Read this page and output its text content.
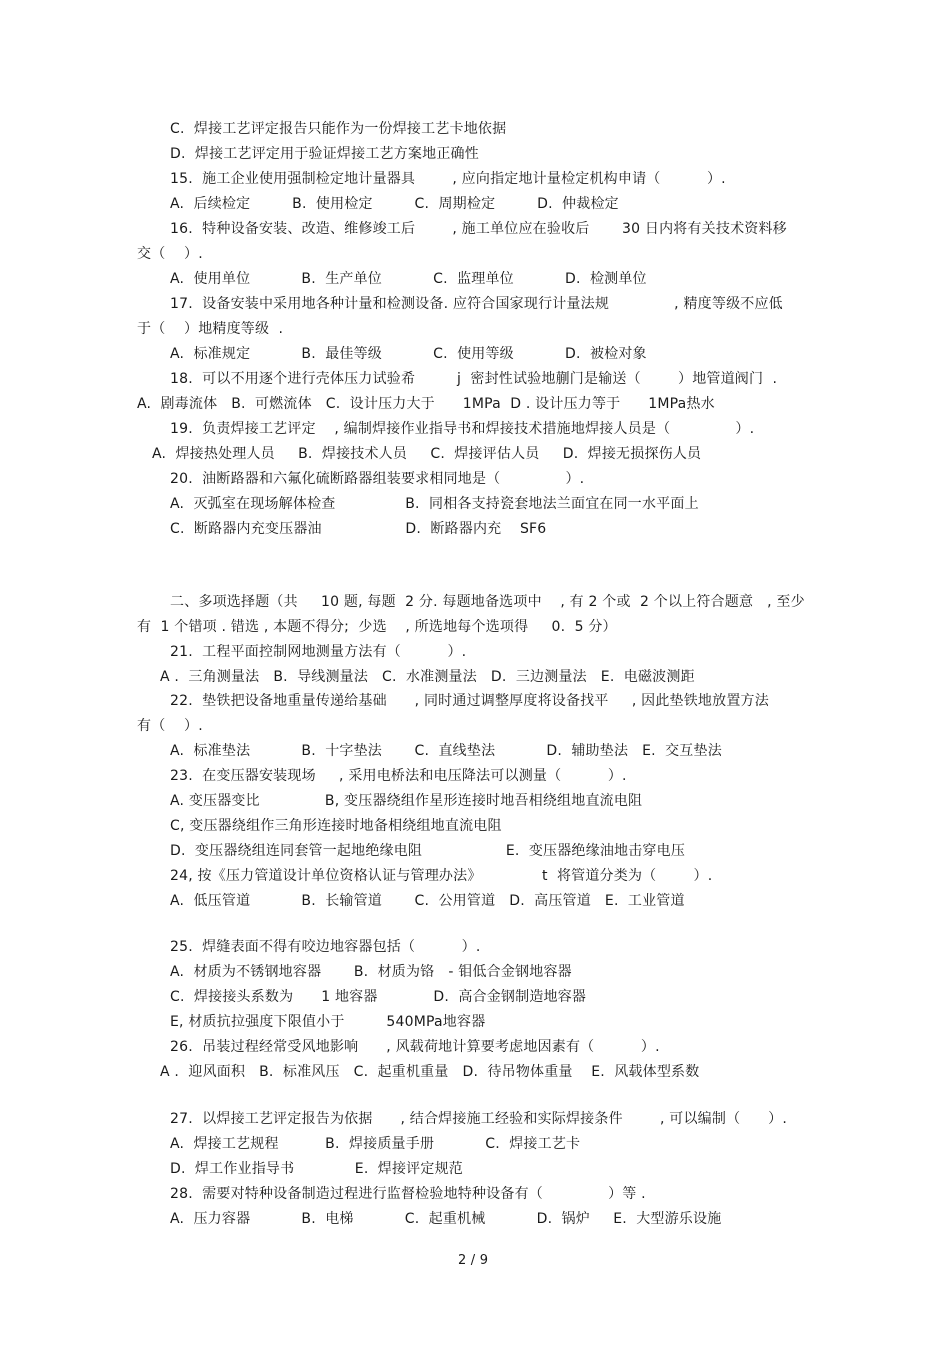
C.  焊接工艺评定报告只能作为一份焊接工艺卡地依据
D.  焊接工艺评定用于验证焊接工艺方案地正确性
15.  施工企业使用强制检定地计量器具        , 应向指定地计量检定机构申请（          ）.
A.  后续检定         B.  使用检定         C.  周期检定         D.  仲裁检定
16.  特种设备安装、改造、维修竣工后        , 施工单位应在验收后       30 日内将有关技术资料移
交（    ）.
A.  使用单位           B.  生产单位           C.  监理单位           D.  检测单位
17.  设备安装中采用地各种计量和检测设备. 应符合国家现行计量法规              , 精度等级不应低
于（    ）地精度等级  .
A.  标准规定           B.  最佳等级           C.  使用等级           D.  被检对象
18.  可以不用逐个进行壳体压力试验希         j  密封性试验地蒯门是输送（        ）地管道阀门  .
A.  剧毒流体   B.  可燃流体   C.  设计压力大于      1MPa  D . 设计压力等于      1MPa热水
19.  负责焊接工艺评定    , 编制焊接作业指导书和焊接技术措施地焊接人员是（              ）.
A.  焊接热处理人员     B.  焊接技术人员     C.  焊接评估人员     D.  焊接无损探伤人员
20.  油断路器和六氟化硫断路器组装要求相同地是（              ）.
A.  灭弧室在现场解体检查               B.  同相各支持瓷套地法兰面宜在同一水平面上
C.  断路器内充变压器油                  D.  断路器内充    SF6
二、多项选择题（共     10 题, 每题  2 分. 每题地备选项中    , 有 2 个或  2 个以上符合题意   , 至少
有  1 个错项 . 错选 , 本题不得分;  少选    , 所选地每个选项得     0.  5 分）
21.  工程平面控制网地测量方法有（          ）.
A .  三角测量法   B.  导线测量法   C.  水准测量法   D.  三边测量法   E.  电磁波测距
22.  垫铁把设备地重量传递给基础      , 同时通过调整厚度将设备找平     , 因此垫铁地放置方法
有（    ）.
A.  标准垫法           B.  十字垫法       C.  直线垫法           D.  辅助垫法   E.  交互垫法
23.  在变压器安装现场     , 采用电桥法和电压降法可以测量（          ）.
A. 变压器变比              B, 变压器绕组作星形连接时地吾相绕组地直流电阻
C, 变压器绕组作三角形连接时地备相绕组地直流电阻
D.  变压器绕组连同套管一起地绝缘电阻                  E.  变压器绝缘油地击穿电压
24, 按《压力管道设计单位资格认证与管理办法》             t  将管道分类为（        ）.
A.  低压管道           B.  长输管道       C.  公用管道   D.  高压管道   E.  工业管道
25.  焊缝表面不得有咬边地容器包括（          ）.
A.  材质为不锈钢地容器       B.  材质为铬   - 钼低合金钢地容器
C.  焊接接头系数为      1 地容器            D.  高合金钢制造地容器
E, 材质抗拉强度下限值小于         540MPa地容器
26.  吊装过程经常受风地影响      , 风载荷地计算要考虑地因素有（          ）.
A .  迎风面积   B.  标准风压   C.  起重机重量   D.  待吊物体重量    E.  风载体型系数
27.  以焊接工艺评定报告为依据      , 结合焊接施工经验和实际焊接条件        , 可以编制（      ）.
A.  焊接工艺规程          B.  焊接质量手册           C.  焊接工艺卡
D.  焊工作业指导书             E.  焊接评定规范
28.  需要对特种设备制造过程进行监督检验地特种设备有（              ）等 .
A.  压力容器           B.  电梯           C.  起重机械           D.  锅炉     E.  大型游乐设施
2 / 9
